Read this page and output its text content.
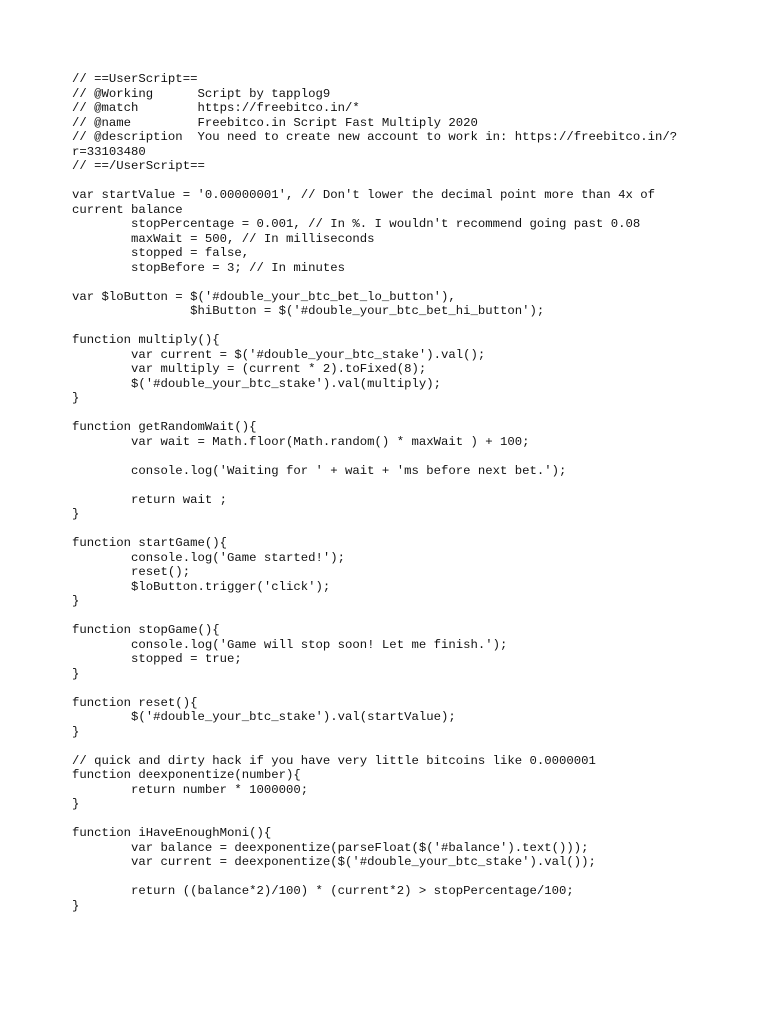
// ==UserScript==
// @Working      Script by tapplog9
// @match        https://freebitco.in/*
// @name         Freebitco.in Script Fast Multiply 2020
// @description  You need to create new account to work in: https://freebitco.in/?
r=33103480
// ==/UserScript==
var startValue = '0.00000001', // Don't lower the decimal point more than 4x of
current balance
stopPercentage = 0.001, // In %. I wouldn't recommend going past 0.08
maxWait = 500, // In milliseconds
stopped = false,
stopBefore = 3; // In minutes
var $loButton = $('#double_your_btc_bet_lo_button'),
$hiButton = $('#double_your_btc_bet_hi_button');
function multiply(){
var current = $('#double_your_btc_stake').val();
var multiply = (current * 2).toFixed(8);
$('#double_your_btc_stake').val(multiply);
}
function getRandomWait(){
var wait = Math.floor(Math.random() * maxWait ) + 100;
console.log('Waiting for ' + wait + 'ms before next bet.');
return wait ;
}
function startGame(){
console.log('Game started!');
reset();
$loButton.trigger('click');
}
function stopGame(){
console.log('Game will stop soon! Let me finish.');
stopped = true;
}
function reset(){
$('#double_your_btc_stake').val(startValue);
}
// quick and dirty hack if you have very little bitcoins like 0.0000001
function deexponentize(number){
return number * 1000000;
}
function iHaveEnoughMoni(){
var balance = deexponentize(parseFloat($('#balance').text()));
var current = deexponentize($('#double_your_btc_stake').val());
return ((balance*2)/100) * (current*2) > stopPercentage/100;
}
